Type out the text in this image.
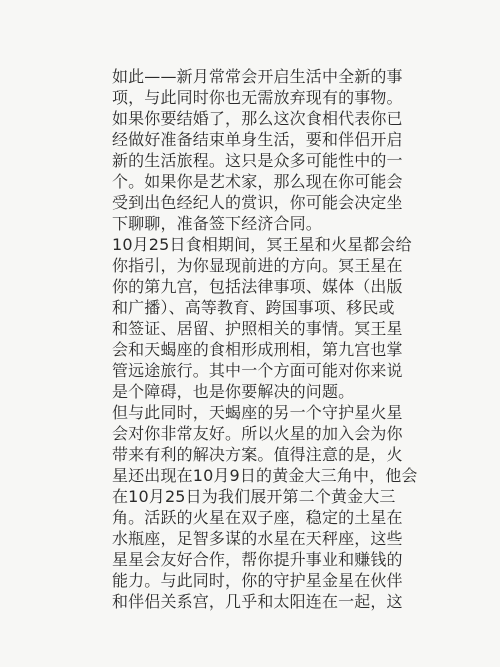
如此——新月常常会开启生活中全新的事
项，与此同时你也无需放弃现有的事物。
如果你要结婚了，那么这次食相代表你已
经做好准备结束单身生活，要和伴侣开启
新的生活旅程。这只是众多可能性中的一
个。如果你是艺术家，那么现在你可能会
受到出色经纪人的赏识，你可能会决定坐
下聊聊，准备签下经济合同。

10月25日食相期间，冥王星和火星都会给
你指引，为你显现前进的方向。冥王星在
你的第九宫，包括法律事项、媒体（出版
和广播）、高等教育、跨国事项、移民或
和签证、居留、护照相关的事情。冥王星
会和天蝎座的食相形成刑相，第九宫也掌
管远途旅行。其中一个方面可能对你来说
是个障碍，也是你要解决的问题。

但与此同时，天蝎座的另一个守护星火星
会对你非常友好。所以火星的加入会为你
带来有利的解决方案。值得注意的是，火
星还出现在10月9日的黄金大三角中，他会
在10月25日为我们展开第二个黄金大三
角。活跃的火星在双子座，稳定的土星在
水瓶座，足智多谋的水星在天秤座，这些
星星会友好合作，帮你提升事业和赚钱的
能力。与此同时，你的守护星金星在伙伴
和伴侣关系宫，几乎和太阳连在一起，这
